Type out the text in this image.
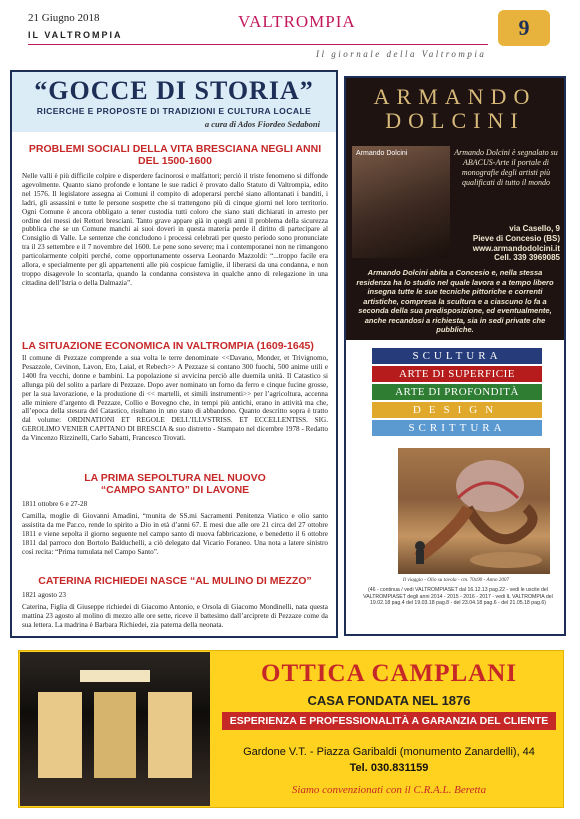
21 Giugno 2018
IL VALTROMPIA
VALTROMPIA	9
Il giornale della Valtrompia
“GOCCE DI STORIA”
RICERCHE E PROPOSTE DI TRADIZIONI E CULTURA LOCALE
a cura di Ados Fiordeo Sedaboni
PROBLEMI SOCIALI DELLA VITA BRESCIANA NEGLI ANNI DEL 1500-1600
Nelle valli è più difficile colpire e disperdere facinorosi e malfattori; perciò il triste fenomeno si diffonde agevolmente. Quanto siano profonde e lontane le sue radici è provato dallo Statuto di Valtrompia, edito nel 1576. Il legislatore assegna ai Comuni il compito di adoperarsi perché siano allontanati i banditi, i ladri, gli assassini e tutte le persone sospette che si trattengono più di cinque giorni nel loro territorio. Ogni Comune è ancora obbligato a tener custodia tutti coloro che siano stati dichiarati in arresto per ordine dei messi dei Rettori bresciani. Tanto grave appare già in quegli anni il problema della sicurezza pubblica che se un Comune manchi ai suoi doveri in questa materia perde il diritto di partecipare al Consiglio di Valle. Le sentenze che concludono i processi celebrati per questo periodo sono pronunciate tra il 23 settembre e il 7 novembre del 1600. Le pene sono severe; ma i contemporanei non ne rimangono particolarmente colpiti perché, come opportunamente osserva Leonardo Mazzoldi: “...troppo facile era allora, e specialmente per gli appartenenti alle più cospicue famiglie, il liberarsi da una condanna, e non troppo disagevole lo scontarla, quando la condanna consisteva in qualche anno di relegazione in una cittadina dell’Istria o della Dalmazia”.
LA SITUAZIONE ECONOMICA IN VALTROMPIA (1609-1645)
Il comune di Pezzaze comprende a sua volta le terre denominate <<Davano, Monder, et Trivignomo, Pesazzole, Cevinon, Lavon, Eto, Laial, et Rebech>> A Pezzaze si contano 300 fuochi, 500 anime utili e 1400 fra vecchi, donne e bambini. La popolazione si avvicina perciò alle duemila unità. Il Catastico si allunga più del solito a parlare di Pezzaze. Dopo aver nominato un forno da ferro e cinque fucine grosse, per la sua lavorazione, e la produzione di << martelli, et simili instrumenti>> per l’agricoltura, accenna alle miniere d’argento di Pezzaze, Collio e Bovegno che, in tempi più antichi, erano in attività ma che, all’epoca della stesura del Catastico, risultano in uno stato di abbandono. Quanto descritto sopra è tratto dal volume: ORDINATIONI ET REGOLE DELL’ILLVSTRISS. ET ECCELLENTISS. SIG. GEROLIMO VENIER CAPITANO DI BRESCIA & suo distretto - Stampato nel dicembre 1978 - Redatto da Vincenzo Rizzinelli, Carlo Sabatti, Francesco Trovati.
LA PRIMA SEPOLTURA NEL NUOVO “CAMPO SANTO” DI LAVONE
1811 ottobre 6 e 27-28
Camilla, moglie di Giovanni Amadini, “munita de SS.mi Sacramenti Penitenza Viatico e olio santo assistita da me Par.co, rende lo spirito a Dio in età d’anni 67. E mesi due alle ore 21 circa del 27 ottobre 1811 e viene sepolta il giorno seguente nel campo santo di nuova fabbricazione, e benedetto il 6 ottobre 1811 dal parroco don Bortolo Balduchelli, a ciò delegato dal Vicario Foraneo. Una nota a latere sinistro così recita: “Prima tumulata nel Campo Santo”.
CATERINA RICHIEDEI NASCE “AL MULINO DI MEZZO”
1821 agosto 23
Caterina, Figlia di Giuseppe richiedei di Giacomo Antonio, e Orsola di Giacomo Mondinelli, nata questa mattina 23 agosto al molino di mezzo alle ore sette, riceve il battesimo dall’arciprete di Pezzaze come da sua lettera. La madrina è Barbara Richiedei, zia paterna della neonata.
ARMANDO
DOLCINI
Armando Dolcini	Armando Dolcini è segnalato su ABACUS-Arte il portale di monografie degli artisti più qualificati di tutto il mondo
via Casello, 9
Pieve di Concesio (BS)
www.armandodolcini.it
Cell. 339 3969085
Armando Dolcini abita a Concesio e, nella stessa residenza ha lo studio nel quale lavora e a tempo libero insegna tutte le sue tecniche pittoriche e correnti artistiche, compresa la scultura e a ciascuno lo fa a seconda della sua predisposizione, ed eventualmente, anche recandosi a richiesta, sia in sedi private che pubbliche.
SCULTURA
ARTE DI SUPERFICIE
ARTE DI PROFONDITÀ
DESIGN
SCRITTURA
Il viaggio - Olio su tavola - cm. 70x90 - Anno 2007
(46 - continua / vedi VALTROMPIASET dal 16.12.13 pag.22 - vedi le uscite del VALTROMPIASET degli anni 2014 - 2015 - 2016 - 2017 - vedi IL VALTROMPIA del 19.02.18 pag.4 del 19.03.18 pag.8 - del 23.04.18 pag.6 - del 21.05.18 pag.6)
OTTICA CAMPLANI
CASA FONDATA NEL 1876
ESPERIENZA E PROFESSIONALITÀ A GARANZIA DEL CLIENTE
Gardone V.T. - Piazza Garibaldi (monumento Zanardelli), 44
Tel. 030.831159
Siamo convenzionati con il C.R.A.L. Beretta
